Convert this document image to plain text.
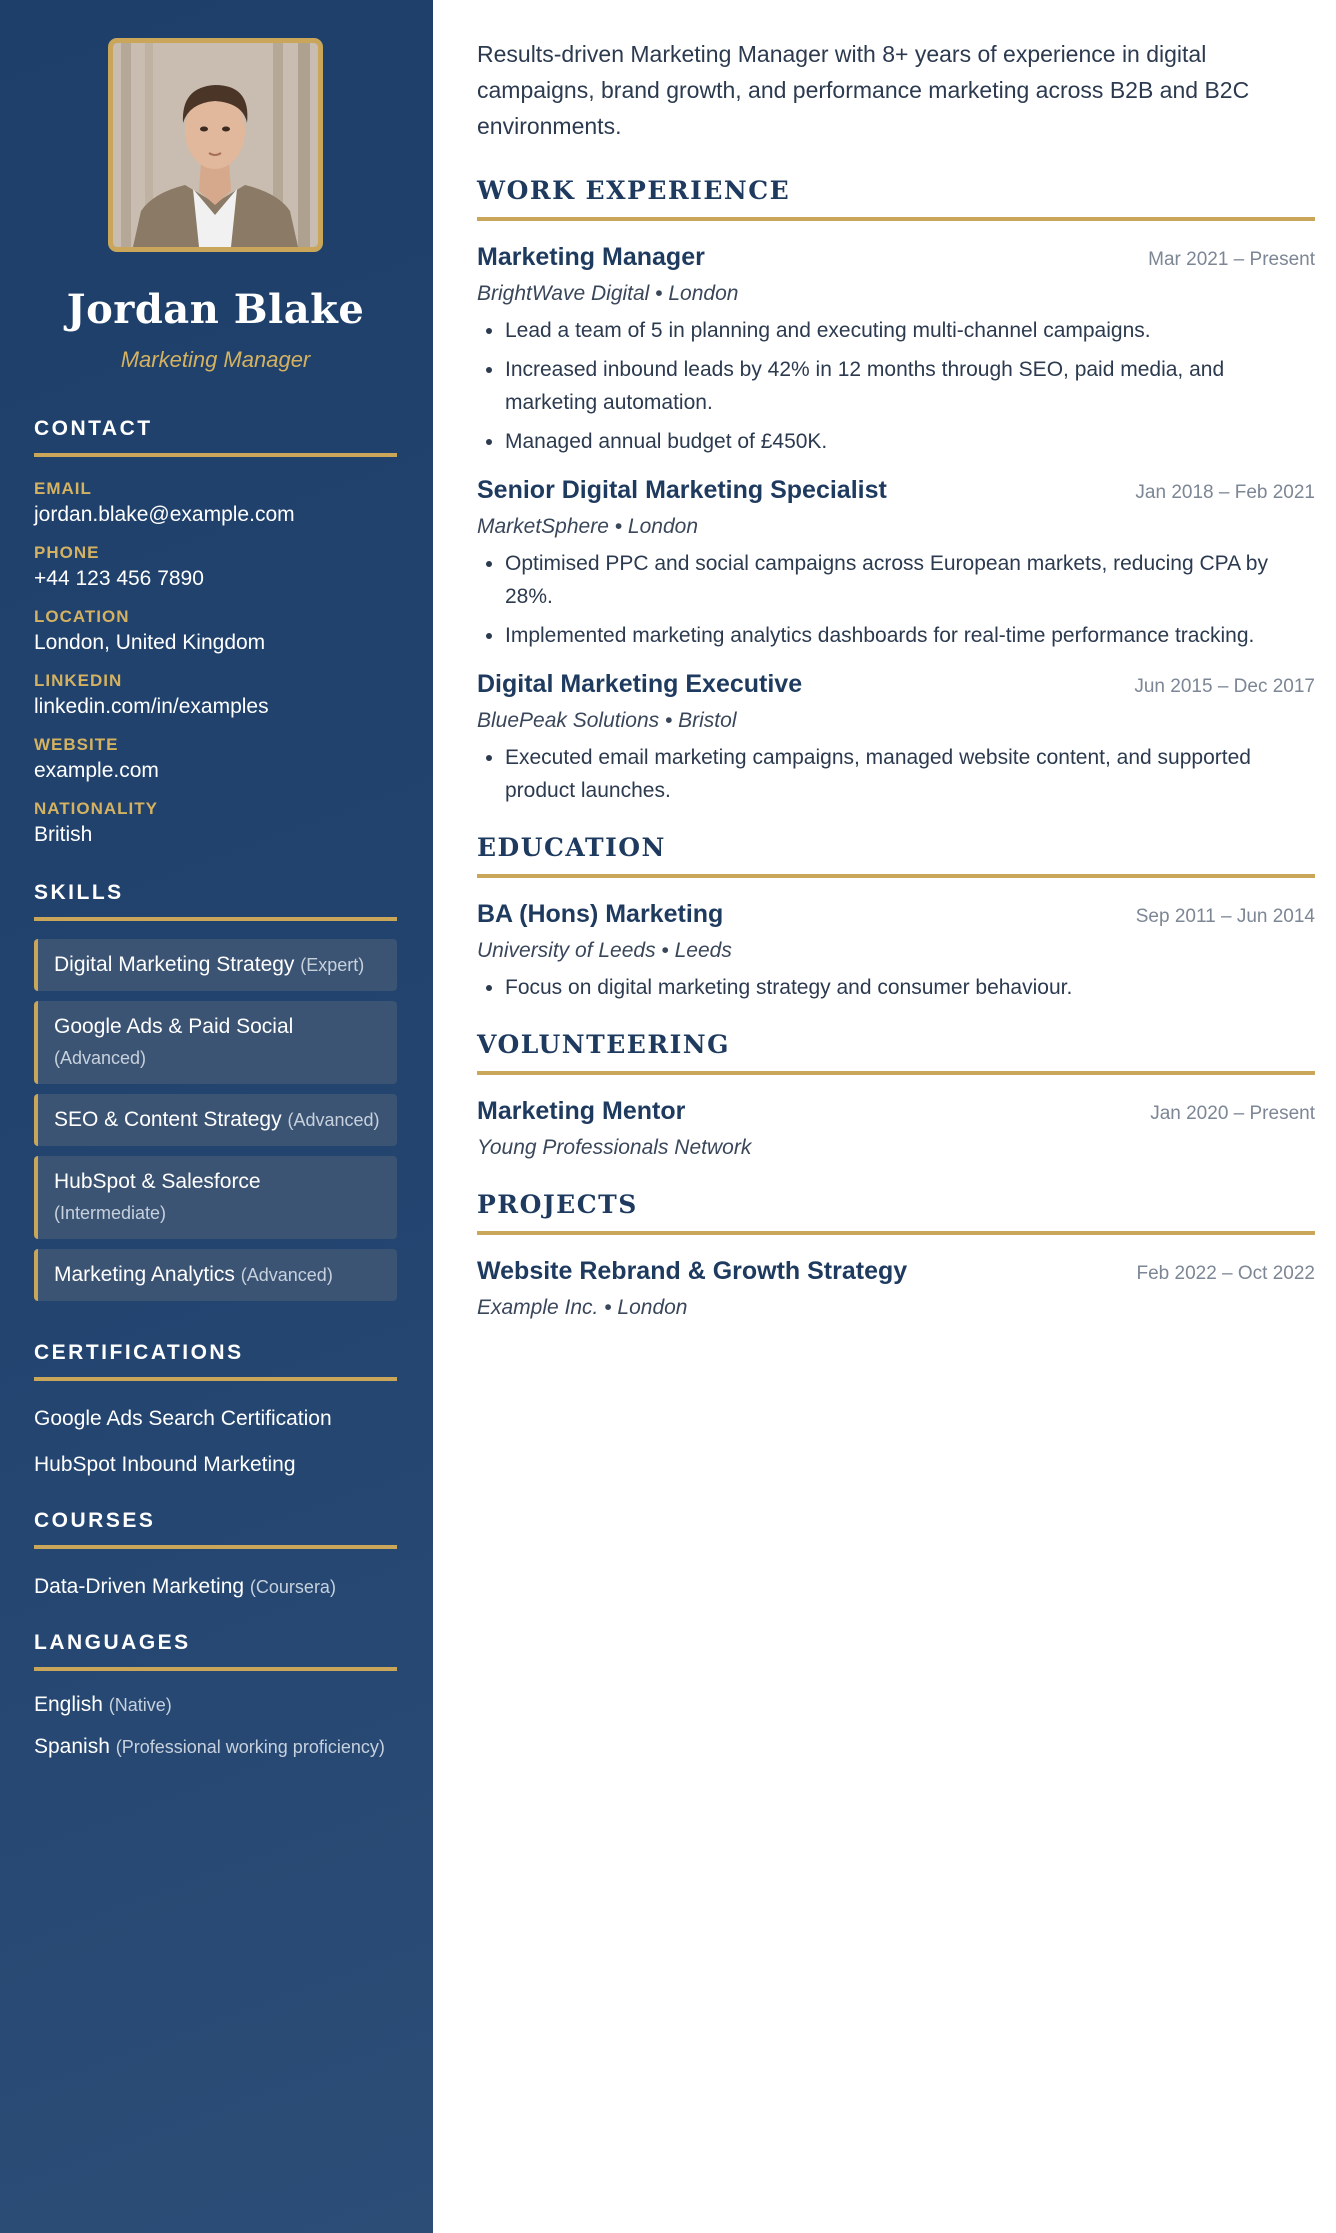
Jordan Blake
Marketing Manager
CONTACT
EMAIL
jordan.blake@example.com
PHONE
+44 123 456 7890
LOCATION
London, United Kingdom
LINKEDIN
linkedin.com/in/examples
WEBSITE
example.com
NATIONALITY
British
SKILLS
Digital Marketing Strategy (Expert)
Google Ads & Paid Social
(Advanced)
SEO & Content Strategy (Advanced)
HubSpot & Salesforce
(Intermediate)
Marketing Analytics (Advanced)
CERTIFICATIONS
Google Ads Search Certification
HubSpot Inbound Marketing
COURSES
Data-Driven Marketing (Coursera)
LANGUAGES
English (Native)
Spanish (Professional working proficiency)
Results-driven Marketing Manager with 8+ years of experience in digital campaigns, brand growth, and performance marketing across B2B and B2C environments.
WORK EXPERIENCE
Marketing Manager	Mar 2021 – Present
BrightWave Digital • London
• Lead a team of 5 in planning and executing multi-channel campaigns.
• Increased inbound leads by 42% in 12 months through SEO, paid media, and marketing automation.
• Managed annual budget of £450K.
Senior Digital Marketing Specialist	Jan 2018 – Feb 2021
MarketSphere • London
• Optimised PPC and social campaigns across European markets, reducing CPA by 28%.
• Implemented marketing analytics dashboards for real-time performance tracking.
Digital Marketing Executive	Jun 2015 – Dec 2017
BluePeak Solutions • Bristol
• Executed email marketing campaigns, managed website content, and supported product launches.
EDUCATION
BA (Hons) Marketing	Sep 2011 – Jun 2014
University of Leeds • Leeds
• Focus on digital marketing strategy and consumer behaviour.
VOLUNTEERING
Marketing Mentor	Jan 2020 – Present
Young Professionals Network
PROJECTS
Website Rebrand & Growth Strategy	Feb 2022 – Oct 2022
Example Inc. • London
